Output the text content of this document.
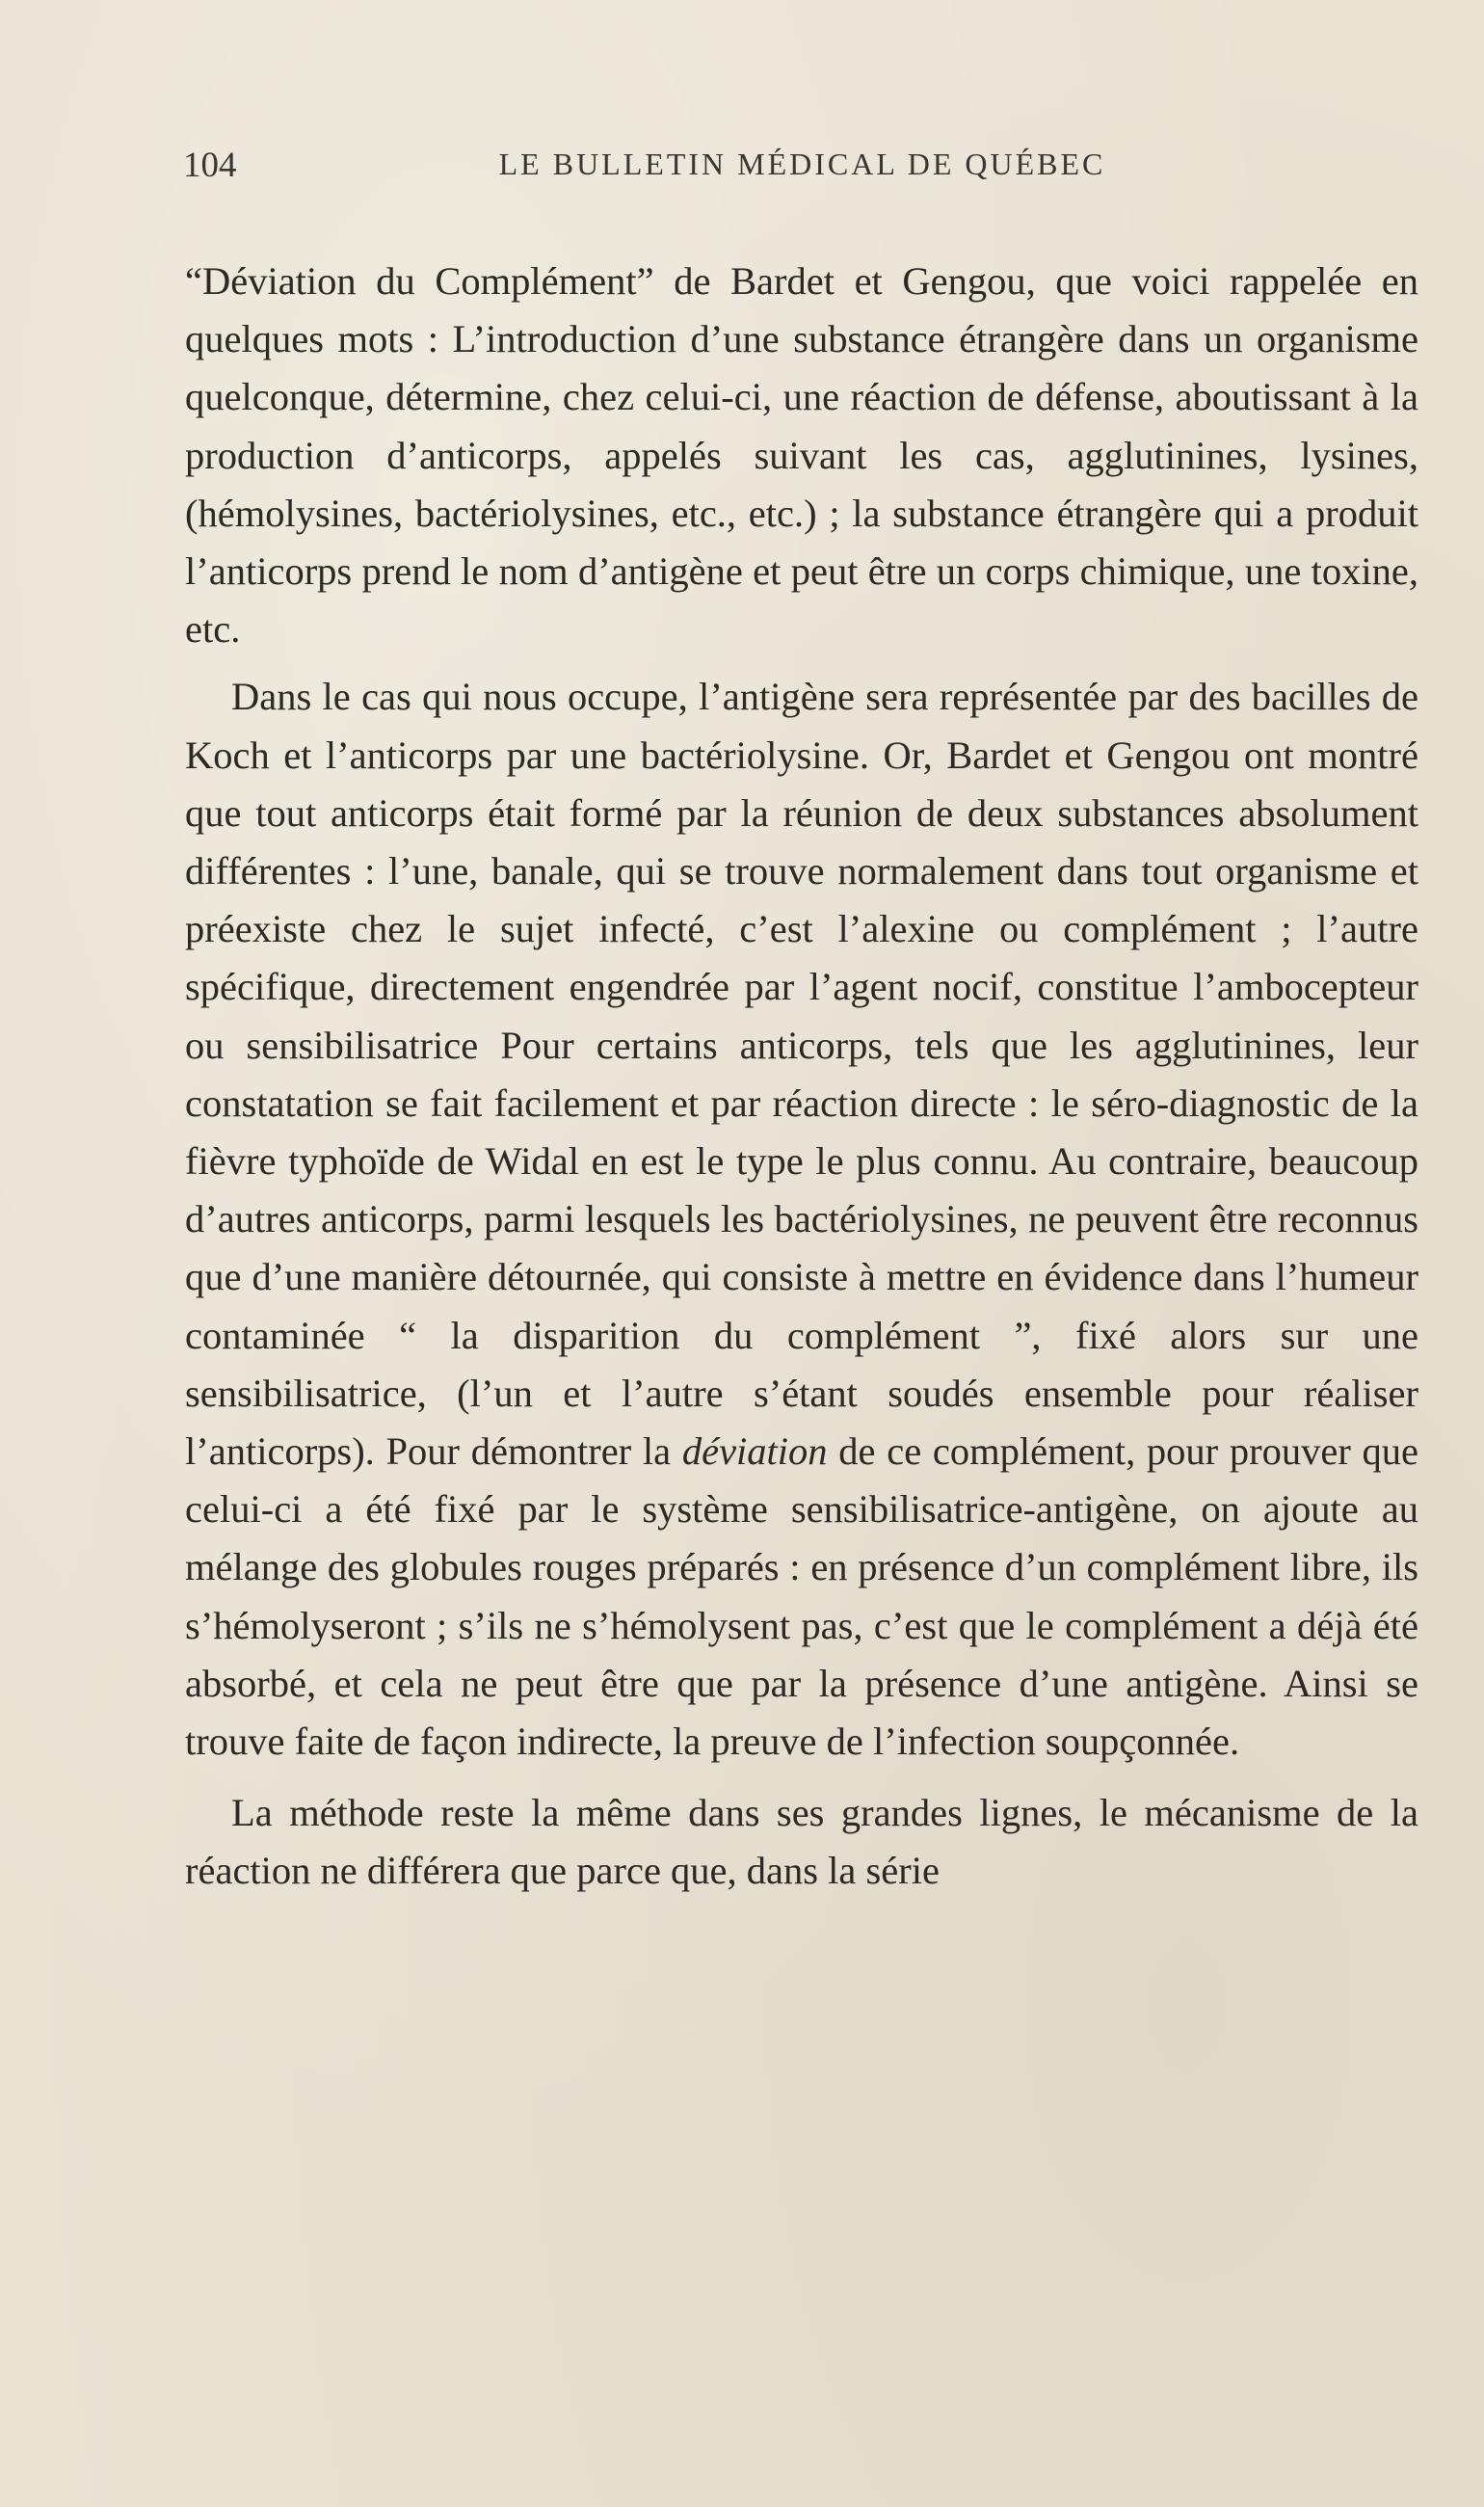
104	LE BULLETIN MÉDICAL DE QUÉBEC

“Déviation du Complément” de Bardet et Gengou, que voici rappelée en quelques mots : L’introduction d’une substance étrangère dans un organisme quelconque, détermine, chez celui-ci, une réaction de défense, aboutissant à la production d’anticorps, appelés suivant les cas, agglutinines, lysines, (hémolysines, bactériolysines, etc., etc.) ; la substance étrangère qui a produit l’anticorps prend le nom d’antigène et peut être un corps chimique, une toxine, etc.

Dans le cas qui nous occupe, l’antigène sera représentée par des bacilles de Koch et l’anticorps par une bactériolysine. Or, Bardet et Gengou ont montré que tout anticorps était formé par la réunion de deux substances absolument différentes : l’une, banale, qui se trouve normalement dans tout organisme et préexiste chez le sujet infecté, c’est l’alexine ou complément ; l’autre spécifique, directement engendrée par l’agent nocif, constitue l’ambocepteur ou sensibilisatrice Pour certains anticorps, tels que les agglutinines, leur constatation se fait facilement et par réaction directe : le séro-diagnostic de la fièvre typhoïde de Widal en est le type le plus connu. Au contraire, beaucoup d’autres anticorps, parmi lesquels les bactériolysines, ne peuvent être reconnus que d’une manière détournée, qui consiste à mettre en évidence dans l’humeur contaminée “ la disparition du complément ”, fixé alors sur une sensibilisatrice, (l’un et l’autre s’étant soudés ensemble pour réaliser l’anticorps). Pour démontrer la déviation de ce complément, pour prouver que celui-ci a été fixé par le système sensibilisatrice-antigène, on ajoute au mélange des globules rouges préparés : en présence d’un complément libre, ils s’hémolyseront ; s’ils ne s’hémolysent pas, c’est que le complément a déjà été absorbé, et cela ne peut être que par la présence d’une antigène. Ainsi se trouve faite de façon indirecte, la preuve de l’infection soupçonnée.

La méthode reste la même dans ses grandes lignes, le mécanisme de la réaction ne différera que parce que, dans la série
